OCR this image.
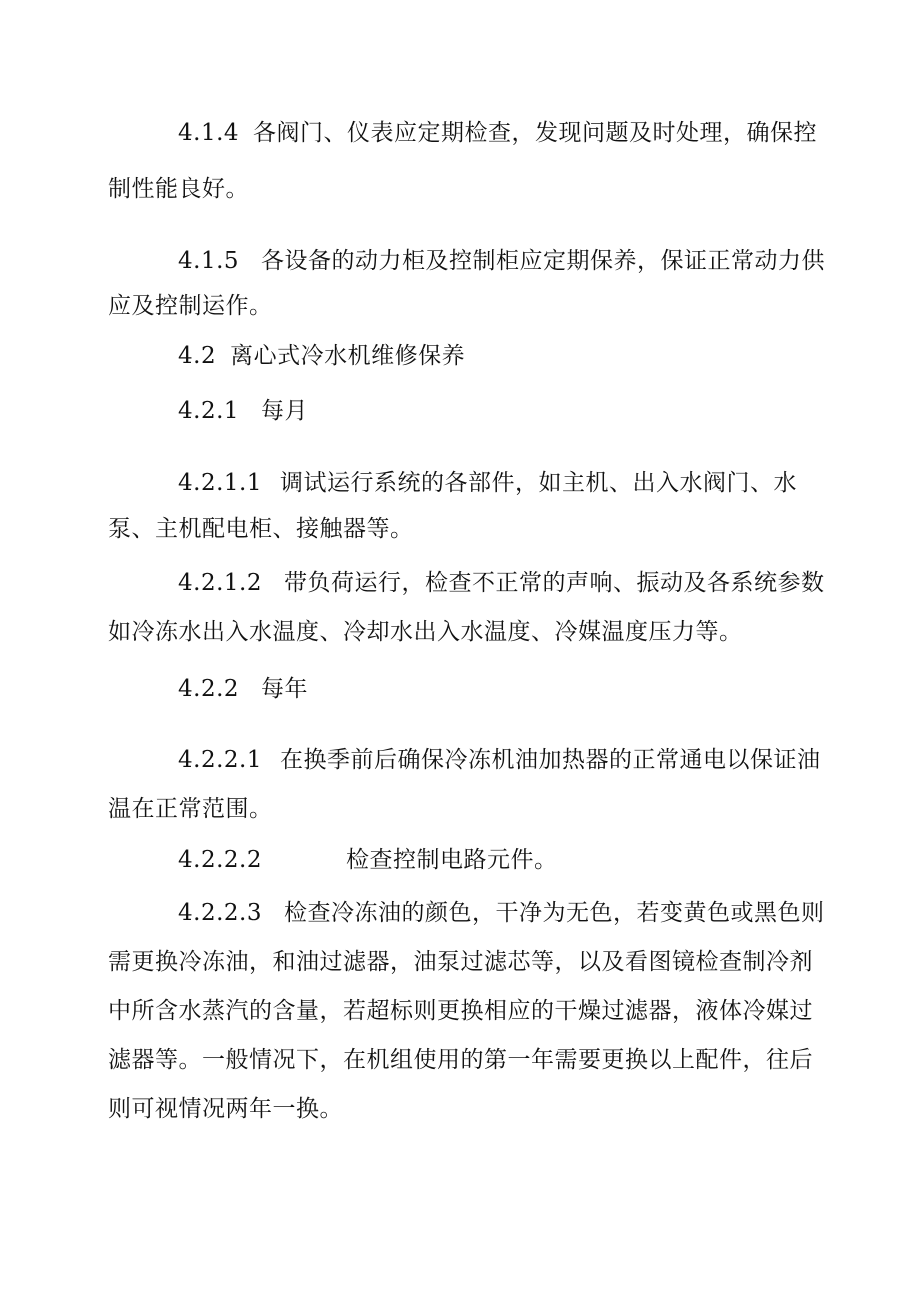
4.1.4 各阀门、仪表应定期检查，发现问题及时处理，确保控

制性能良好。

4.1.5 各设备的动力柜及控制柜应定期保养，保证正常动力供

应及控制运作。

4.2 离心式冷水机维修保养

4.2.1 每月

4.2.1.1 调试运行系统的各部件，如主机、出入水阀门、水

泵、主机配电柜、接触器等。

4.2.1.2 带负荷运行，检查不正常的声响、振动及各系统参数

如冷冻水出入水温度、冷却水出入水温度、冷媒温度压力等。

4.2.2 每年

4.2.2.1 在换季前后确保冷冻机油加热器的正常通电以保证油

温在正常范围。

4.2.2.2	检查控制电路元件。

4.2.2.3 检查冷冻油的颜色，干净为无色，若变黄色或黑色则

需更换冷冻油，和油过滤器，油泵过滤芯等，以及看图镜检查制冷剂

中所含水蒸汽的含量，若超标则更换相应的干燥过滤器，液体冷媒过

滤器等。一般情况下，在机组使用的第一年需要更换以上配件，往后

则可视情况两年一换。
